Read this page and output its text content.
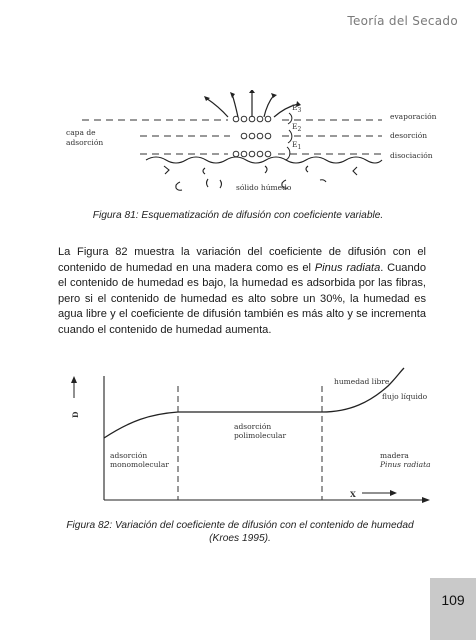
Teoría del Secado
$E_3$
$E_2$
$E_1$
evaporación
desorción
disociación
capa de
adsorción
sólido húmedo
Figura 81: Esquematización de difusión con coeficiente variable.

La Figura 82 muestra la variación del coeficiente de difusión con el contenido de humedad en una madera como es el Pinus radiata. Cuando el contenido de humedad es bajo, la humedad es adsorbida por las fibras, pero si el contenido de humedad es alto sobre un 30%, la humedad es agua libre y el coeficiente de difusión también es más alto y se incrementa cuando el contenido de humedad aumenta.

D
X
humedad libre
flujo líquido
adsorción
polimolecular
adsorción
monomolecular
madera
Pinus radiata
Figura 82: Variación del coeficiente de difusión con el contenido de humedad (Kroes 1995).
109
